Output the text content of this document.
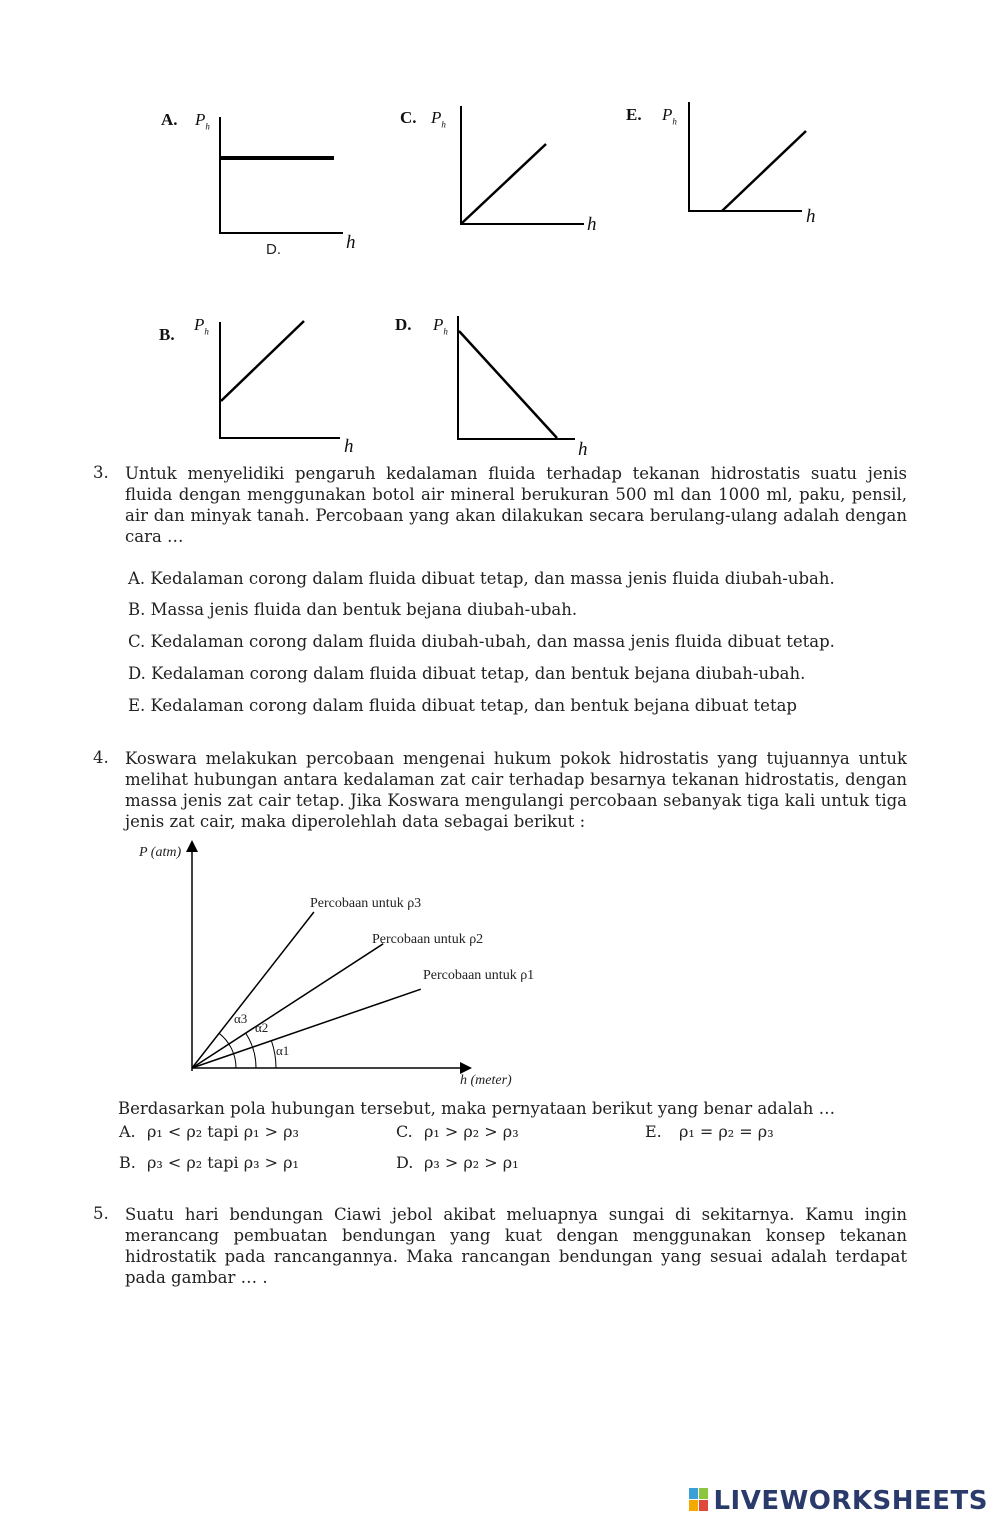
A. $P_h$
h
D.
C. $P_h$
h
E. $P_h$
h
B.
$P_h$
h
D. $P_h$
h
3. Untuk menyelidiki pengaruh kedalaman fluida terhadap tekanan hidrostatis suatu jenis fluida dengan menggunakan botol air mineral berukuran 500 ml dan 1000 ml, paku, pensil, air dan minyak tanah. Percobaan yang akan dilakukan secara berulang-ulang adalah dengan cara …
A. Kedalaman corong dalam fluida dibuat tetap, dan massa jenis fluida diubah-ubah.
B. Massa jenis fluida dan bentuk bejana diubah-ubah.
C. Kedalaman corong dalam fluida diubah-ubah, dan massa jenis fluida dibuat tetap.
D. Kedalaman corong dalam fluida dibuat tetap, dan bentuk bejana diubah-ubah.
E. Kedalaman corong dalam fluida dibuat tetap, dan bentuk bejana dibuat tetap
4. Koswara melakukan percobaan mengenai hukum pokok hidrostatis yang tujuannya untuk melihat hubungan antara kedalaman zat cair terhadap besarnya tekanan hidrostatis, dengan massa jenis zat cair tetap. Jika Koswara mengulangi percobaan sebanyak tiga kali untuk tiga jenis zat cair, maka diperolehlah data sebagai berikut :
P (atm)
h (meter)
Percobaan untuk ρ3
Percobaan untuk ρ2
Percobaan untuk ρ1
α3
α2
α1
Berdasarkan pola hubungan tersebut, maka pernyataan berikut yang benar adalah …
A. ρ₁ < ρ₂ tapi ρ₁ > ρ₃	C. ρ₁ > ρ₂ > ρ₃	E. ρ₁ = ρ₂ = ρ₃
B. ρ₃ < ρ₂ tapi ρ₃ > ρ₁	D. ρ₃ > ρ₂ > ρ₁
5. Suatu hari bendungan Ciawi jebol akibat meluapnya sungai di sekitarnya. Kamu ingin merancang pembuatan bendungan yang kuat dengan menggunakan konsep tekanan hidrostatik pada rancangannya. Maka rancangan bendungan yang sesuai adalah terdapat pada gambar … .
LIVEWORKSHEETS
